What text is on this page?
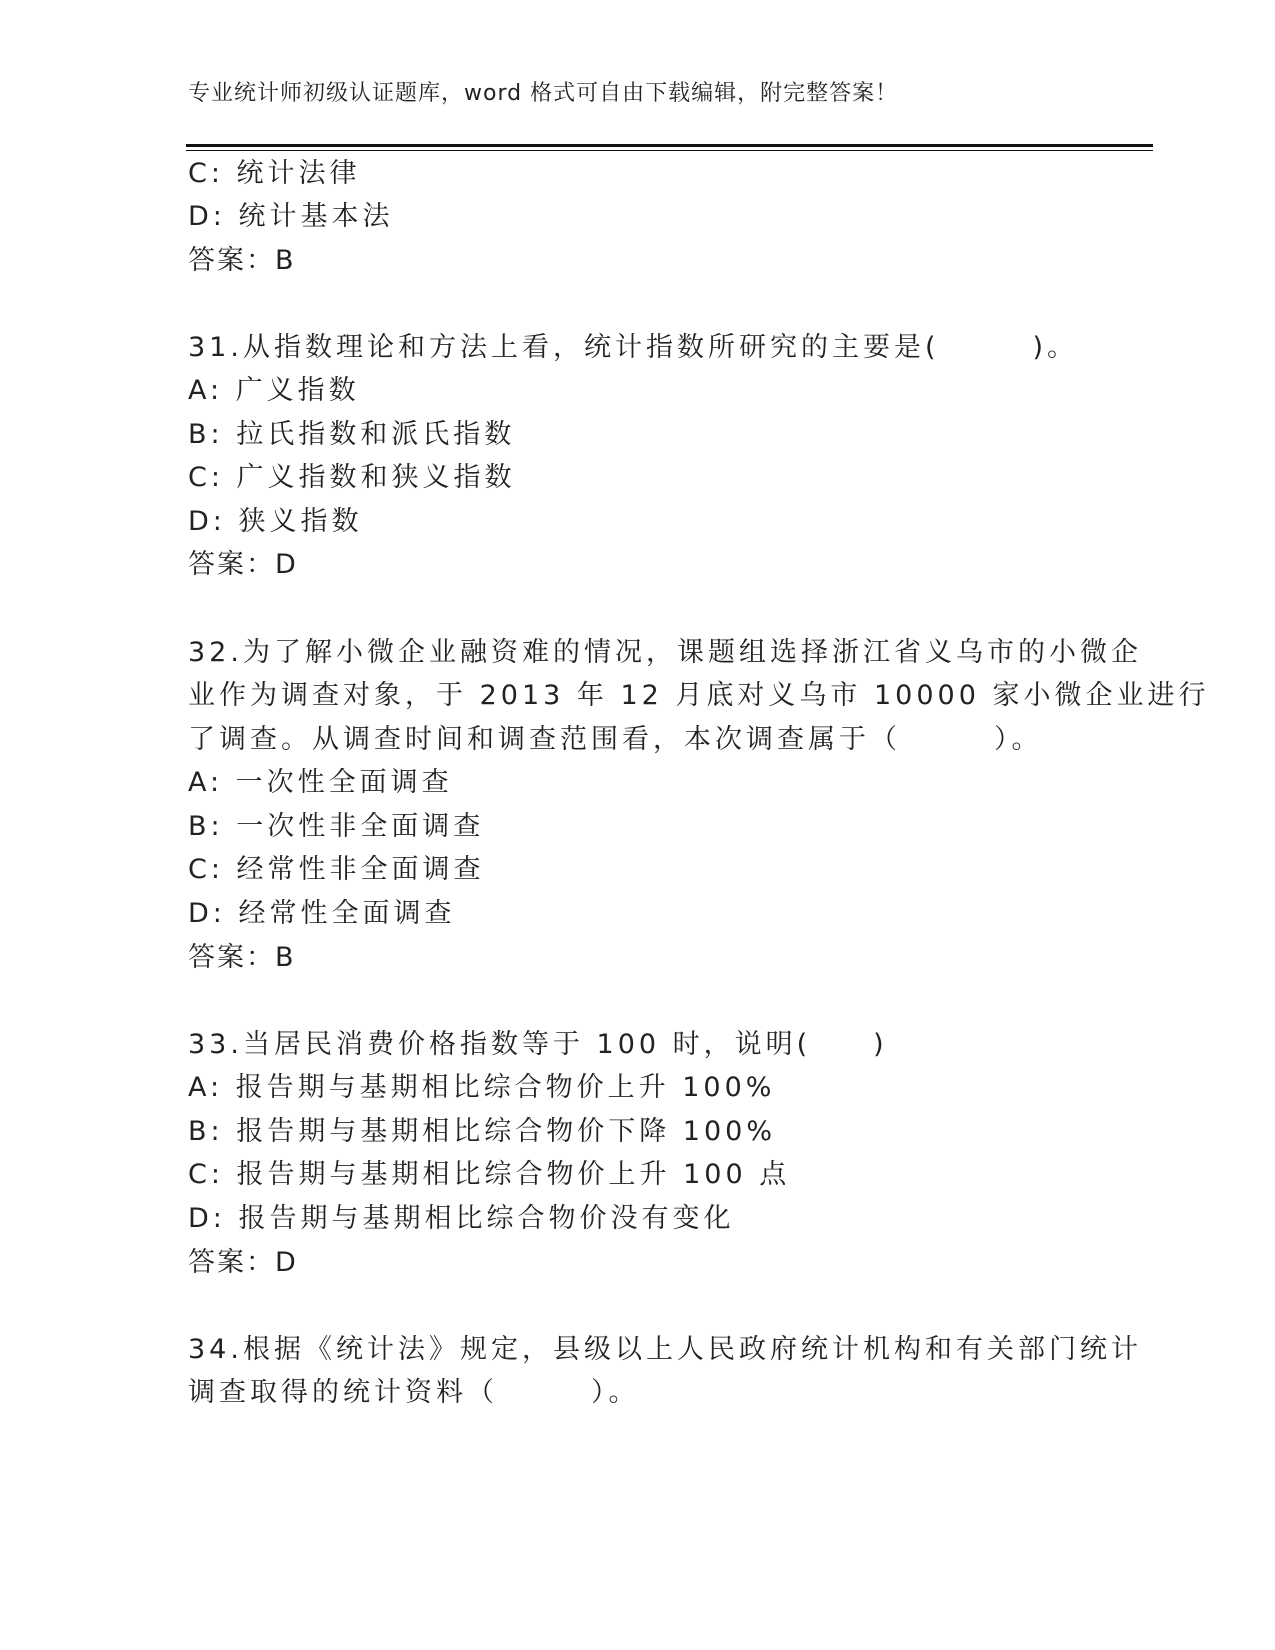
专业统计师初级认证题库，word 格式可自由下载编辑，附完整答案！
C: 统计法律
D: 统计基本法
答案：B
31.从指数理论和方法上看，统计指数所研究的主要是(　　　)。
A: 广义指数
B: 拉氏指数和派氏指数
C: 广义指数和狭义指数
D: 狭义指数
答案：D
32.为了解小微企业融资难的情况，课题组选择浙江省义乌市的小微企
业作为调查对象，于 2013 年 12 月底对义乌市 10000 家小微企业进行
了调查。从调查时间和调查范围看，本次调查属于（　　　）。
A: 一次性全面调查
B: 一次性非全面调查
C: 经常性非全面调查
D: 经常性全面调查
答案：B
33.当居民消费价格指数等于 100 时，说明(　　)
A: 报告期与基期相比综合物价上升 100%
B: 报告期与基期相比综合物价下降 100%
C: 报告期与基期相比综合物价上升 100 点
D: 报告期与基期相比综合物价没有变化
答案：D
34.根据《统计法》规定，县级以上人民政府统计机构和有关部门统计
调查取得的统计资料（　　　）。
